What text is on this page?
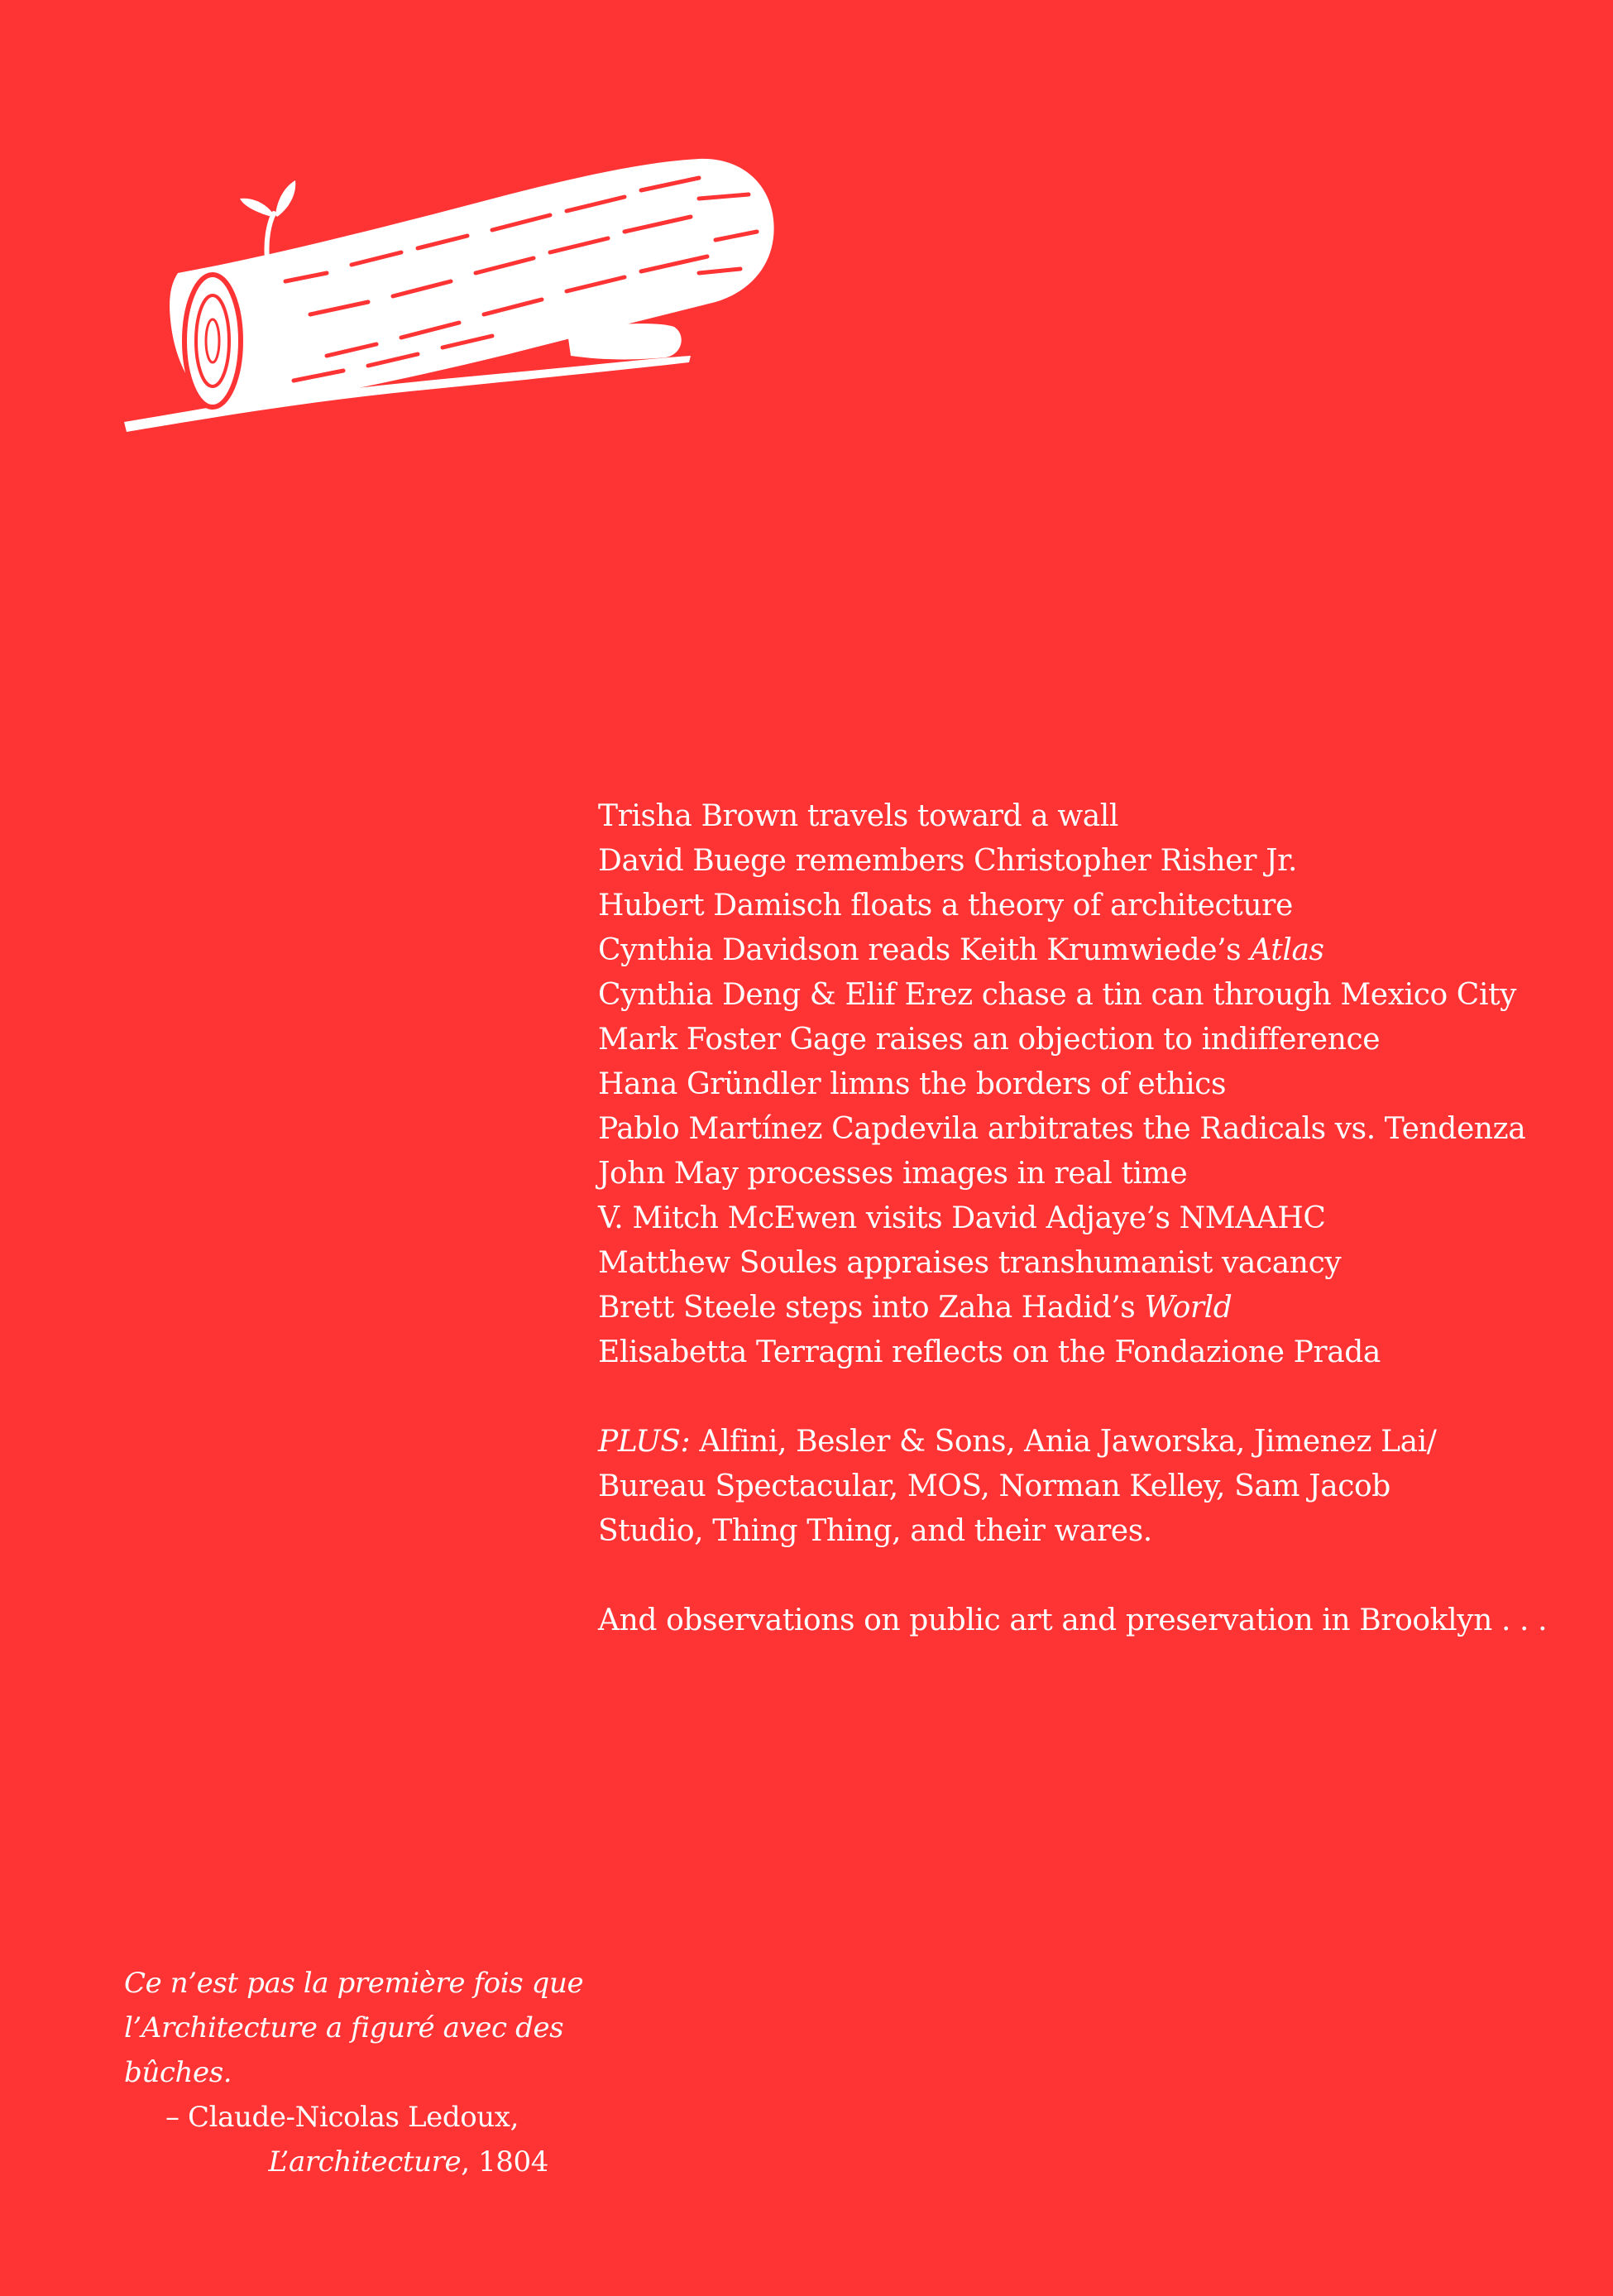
Trisha Brown travels toward a wall
David Buege remembers Christopher Risher Jr.
Hubert Damisch floats a theory of architecture
Cynthia Davidson reads Keith Krumwiede’s Atlas
Cynthia Deng & Elif Erez chase a tin can through Mexico City
Mark Foster Gage raises an objection to indifference
Hana Gründler limns the borders of ethics
Pablo Martínez Capdevila arbitrates the Radicals vs. Tendenza
John May processes images in real time
V. Mitch McEwen visits David Adjaye’s NMAAHC
Matthew Soules appraises transhumanist vacancy
Brett Steele steps into Zaha Hadid’s World
Elisabetta Terragni reflects on the Fondazione Prada
PLUS: Alfini, Besler & Sons, Ania Jaworska, Jimenez Lai/
Bureau Spectacular, MOS, Norman Kelley, Sam Jacob
Studio, Thing Thing, and their wares.
And observations on public art and preservation in Brooklyn . . .
Ce n’est pas la première fois que
l’Architecture a figuré avec des
bûches.
– Claude-Nicolas Ledoux,
L’architecture, 1804
